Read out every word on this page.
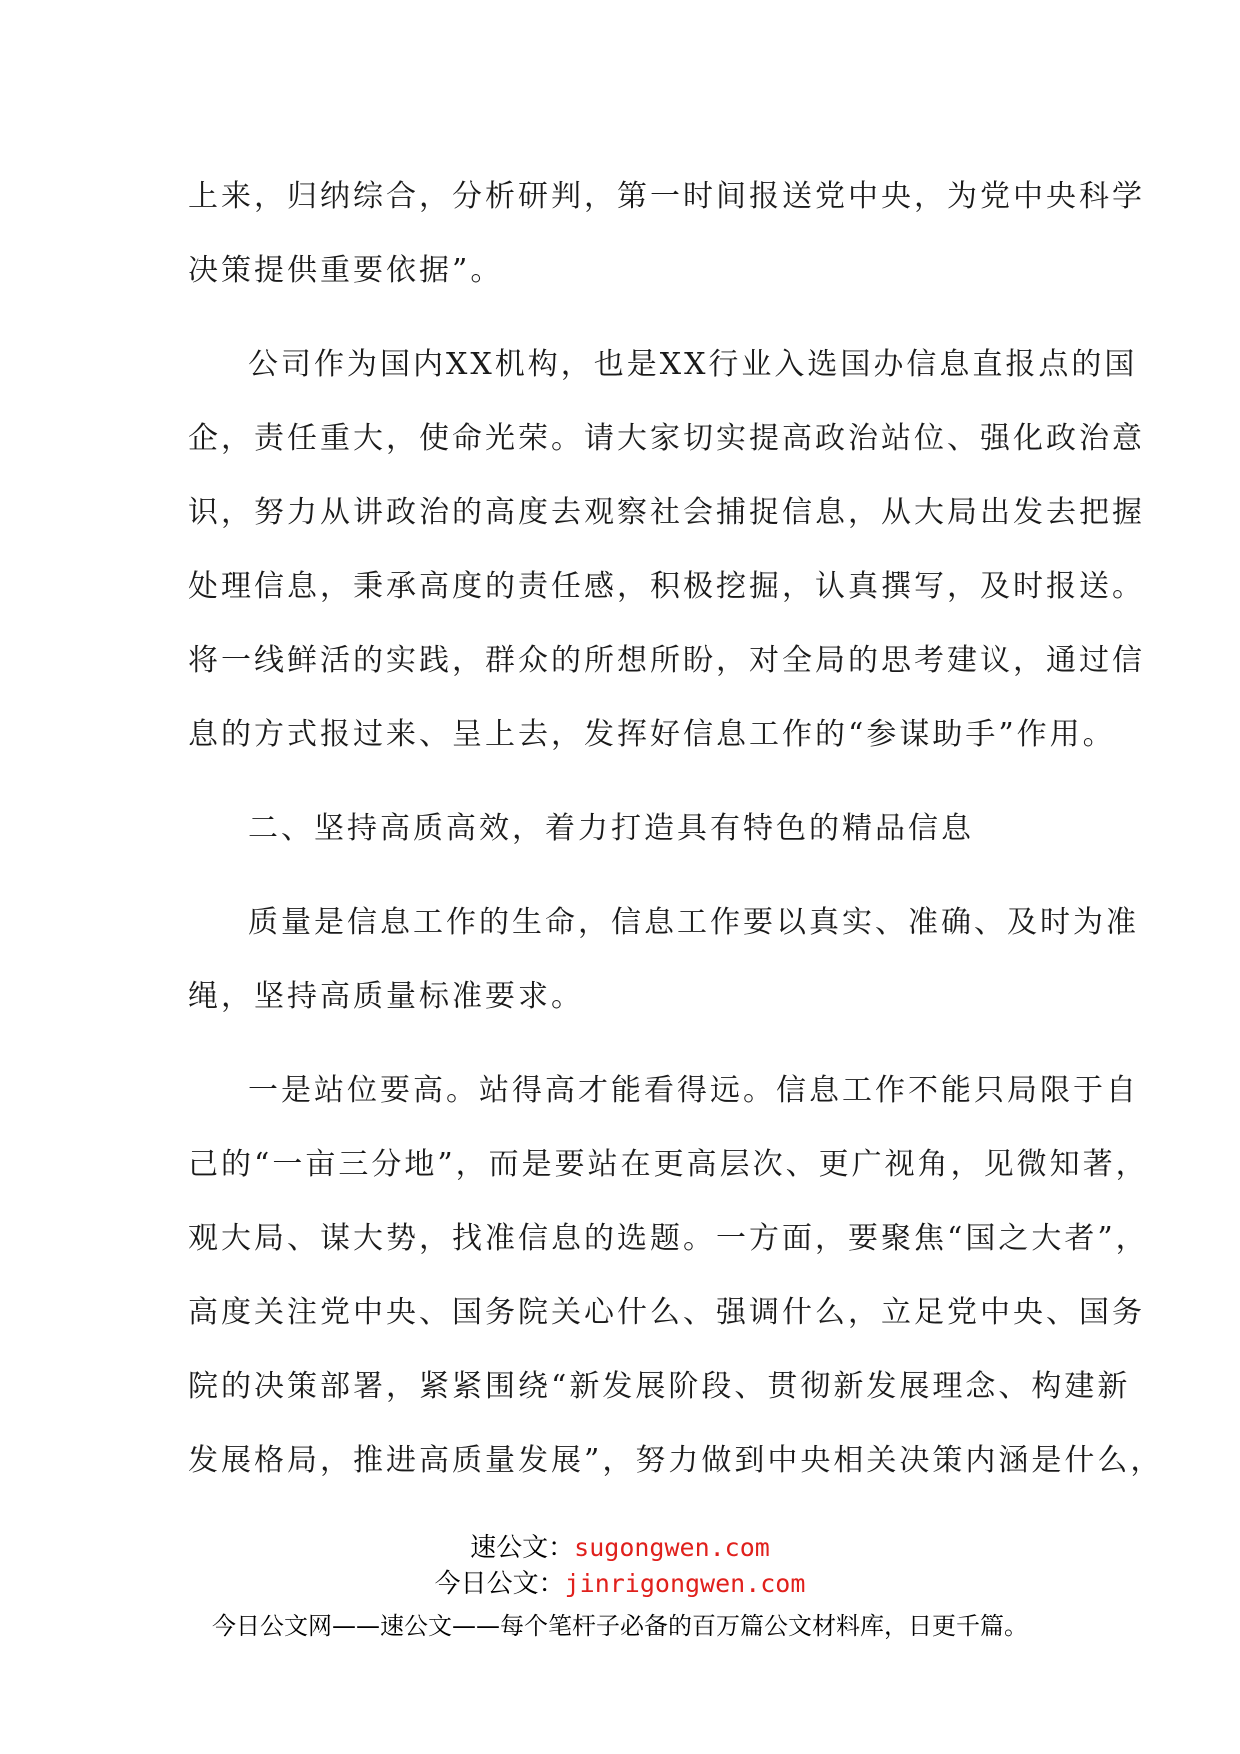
上来，归纳综合，分析研判，第一时间报送党中央，为党中央科学
决策提供重要依据”。
公司作为国内XX机构，也是XX行业入选国办信息直报点的国
企，责任重大，使命光荣。请大家切实提高政治站位、强化政治意
识，努力从讲政治的高度去观察社会捕捉信息，从大局出发去把握
处理信息，秉承高度的责任感，积极挖掘，认真撰写，及时报送。
将一线鲜活的实践，群众的所想所盼，对全局的思考建议，通过信
息的方式报过来、呈上去，发挥好信息工作的“参谋助手”作用。
二、坚持高质高效，着力打造具有特色的精品信息
质量是信息工作的生命，信息工作要以真实、准确、及时为准
绳，坚持高质量标准要求。
一是站位要高。站得高才能看得远。信息工作不能只局限于自
己的“一亩三分地”，而是要站在更高层次、更广视角，见微知著，
观大局、谋大势，找准信息的选题。一方面，要聚焦“国之大者”，
高度关注党中央、国务院关心什么、强调什么，立足党中央、国务
院的决策部署，紧紧围绕“新发展阶段、贯彻新发展理念、构建新
发展格局，推进高质量发展”，努力做到中央相关决策内涵是什么，
速公文：sugongwen.com
今日公文：jinrigongwen.com
今日公文网——速公文——每个笔杆子必备的百万篇公文材料库，日更千篇。
